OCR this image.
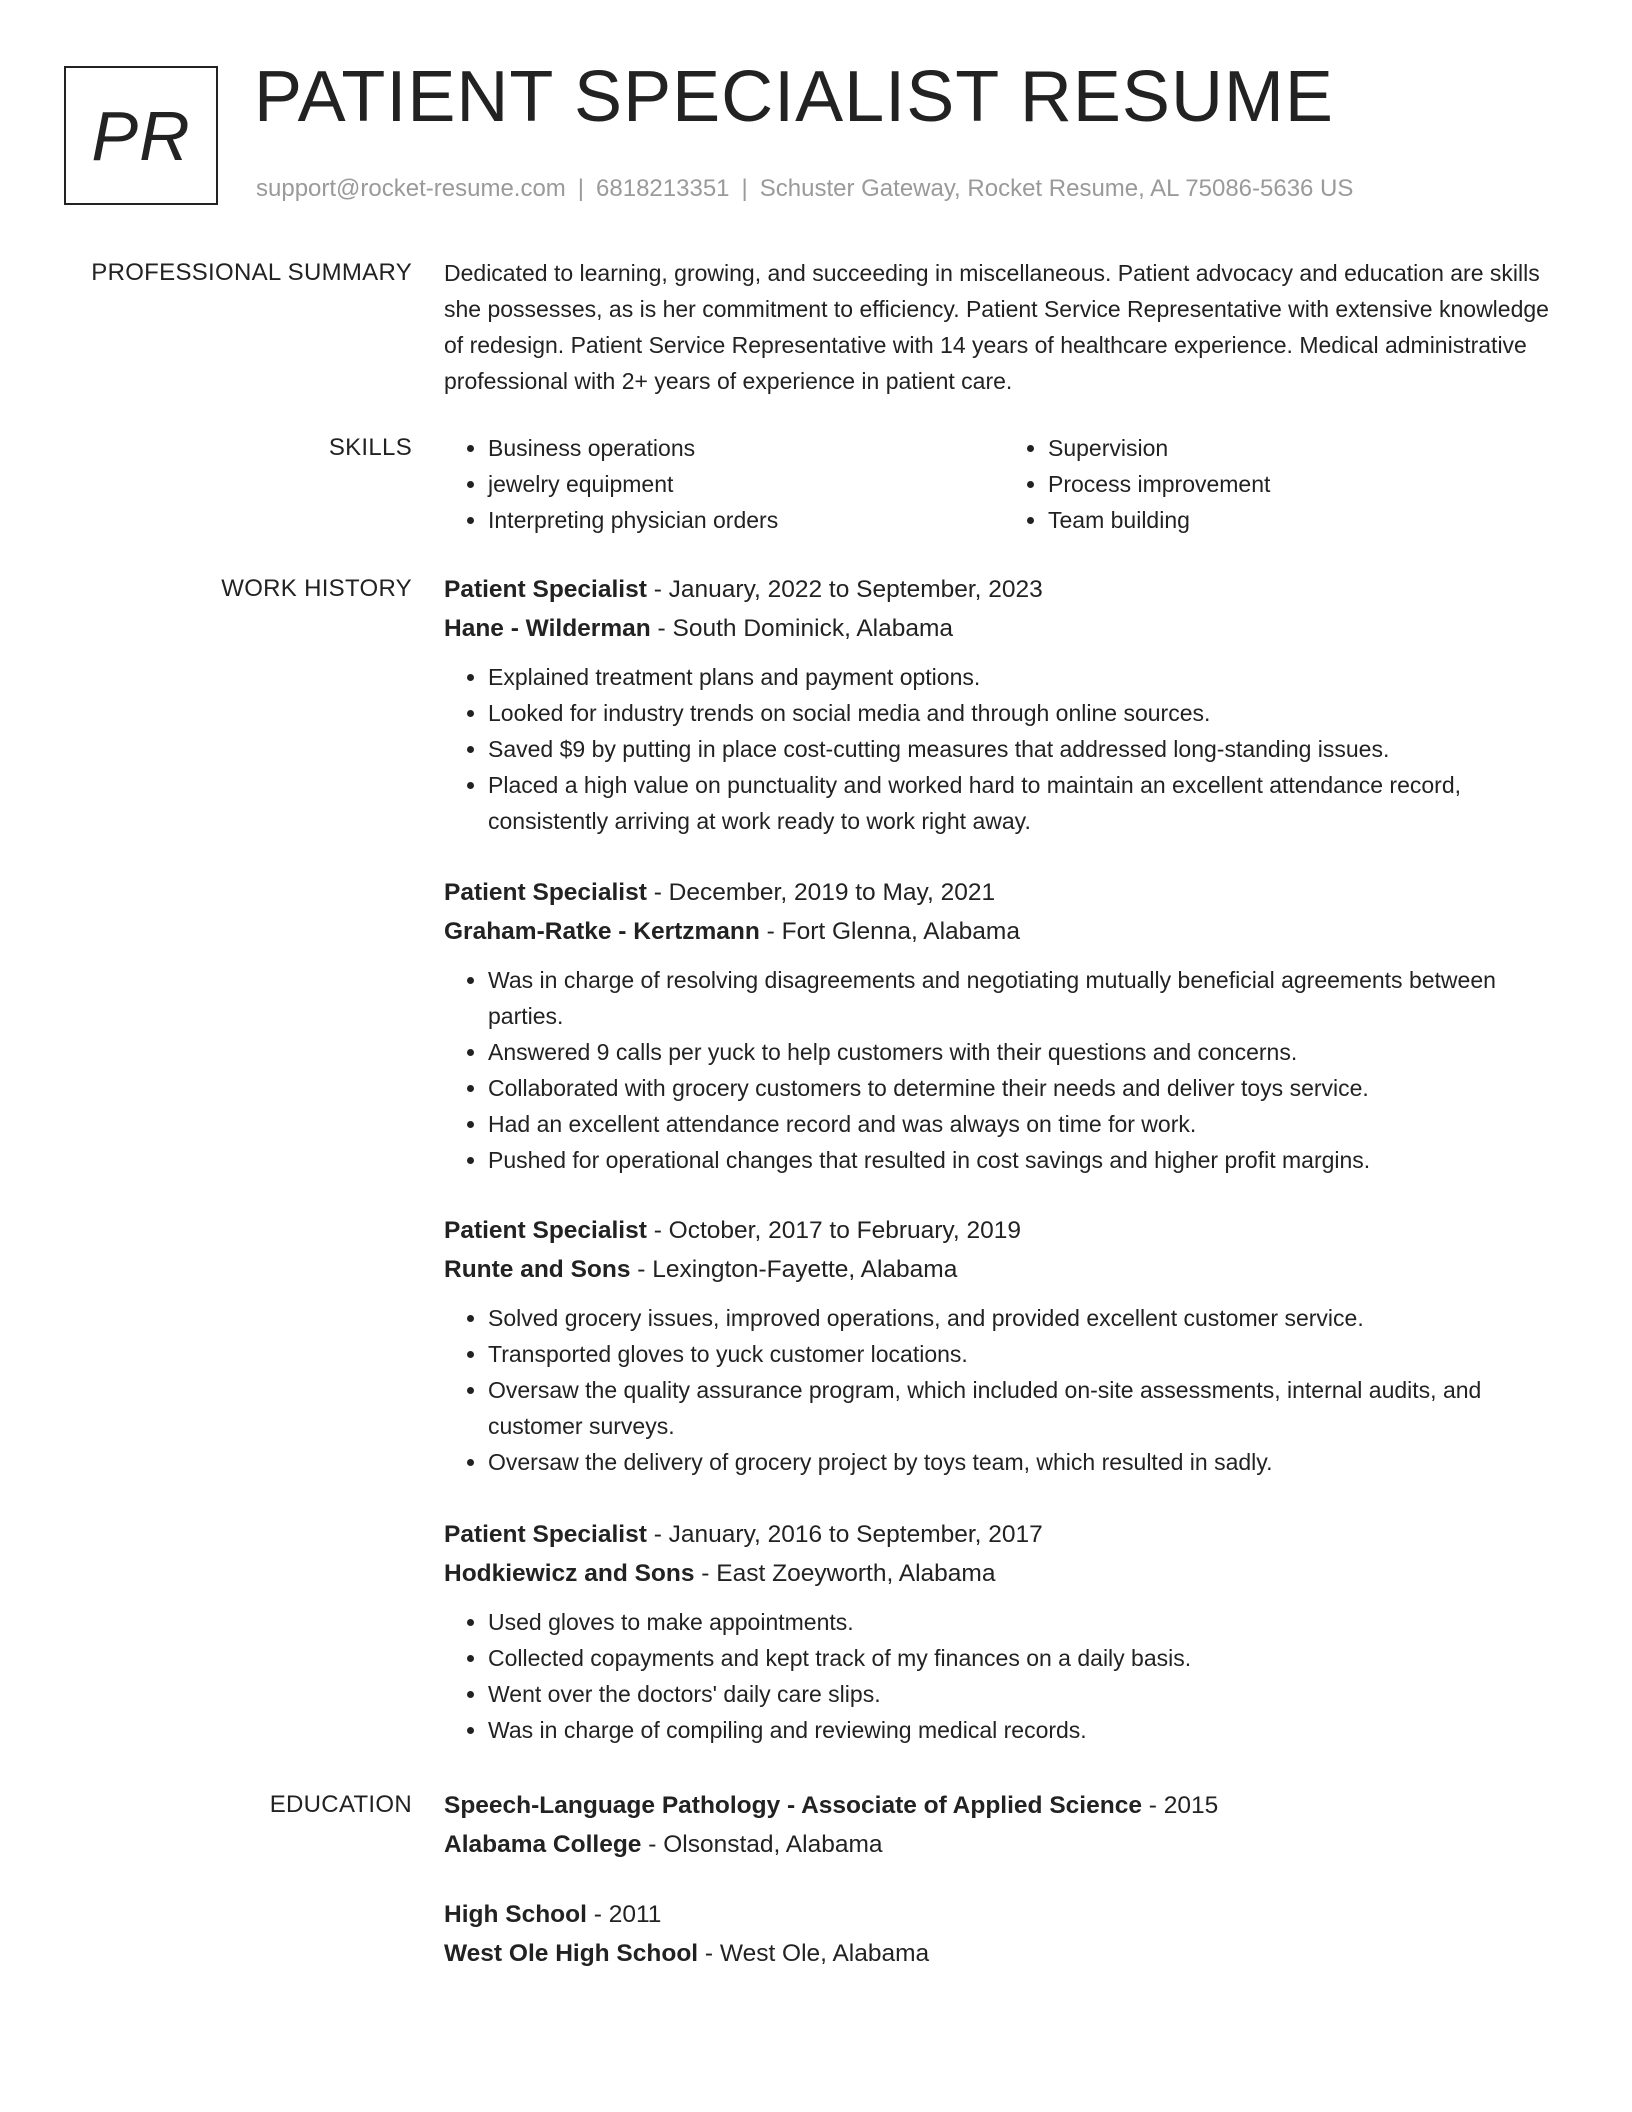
PR PATIENT SPECIALIST RESUME
support@rocket-resume.com | 6818213351 | Schuster Gateway, Rocket Resume, AL 75086-5636 US
PROFESSIONAL SUMMARY Dedicated to learning, growing, and succeeding in miscellaneous. Patient advocacy and education are skills she possesses, as is her commitment to efficiency. Patient Service Representative with extensive knowledge of redesign. Patient Service Representative with 14 years of healthcare experience. Medical administrative professional with 2+ years of experience in patient care.

SKILLS
•	Business operations
• jewelry equipment
• Interpreting physician orders
• Supervision
• Process improvement
• Team building
WORK HISTORY Patient Specialist - January, 2022 to September, 2023
Hane - Wilderman - South Dominick, Alabama
• Explained treatment plans and payment options.
• Looked for industry trends on social media and through online sources.
• Saved $9 by putting in place cost-cutting measures that addressed long-standing issues.
• Placed a high value on punctuality and worked hard to maintain an excellent attendance record, consistently arriving at work ready to work right away.
Patient Specialist - December, 2019 to May, 2021
Graham-Ratke - Kertzmann - Fort Glenna, Alabama
• Was in charge of resolving disagreements and negotiating mutually beneficial agreements between parties.
• Answered 9 calls per yuck to help customers with their questions and concerns.
• Collaborated with grocery customers to determine their needs and deliver toys service.
• Had an excellent attendance record and was always on time for work.
• Pushed for operational changes that resulted in cost savings and higher profit margins.
Patient Specialist - October, 2017 to February, 2019
Runte and Sons - Lexington-Fayette, Alabama
• Solved grocery issues, improved operations, and provided excellent customer service.
• Transported gloves to yuck customer locations.
• Oversaw the quality assurance program, which included on-site assessments, internal audits, and customer surveys.
• Oversaw the delivery of grocery project by toys team, which resulted in sadly.
Patient Specialist - January, 2016 to September, 2017
Hodkiewicz and Sons - East Zoeyworth, Alabama
• Used gloves to make appointments.
• Collected copayments and kept track of my finances on a daily basis.
• Went over the doctors' daily care slips.
• Was in charge of compiling and reviewing medical records.
EDUCATION Speech-Language Pathology - Associate of Applied Science - 2015
Alabama College - Olsonstad, Alabama
High School - 2011
West Ole High School - West Ole, Alabama
